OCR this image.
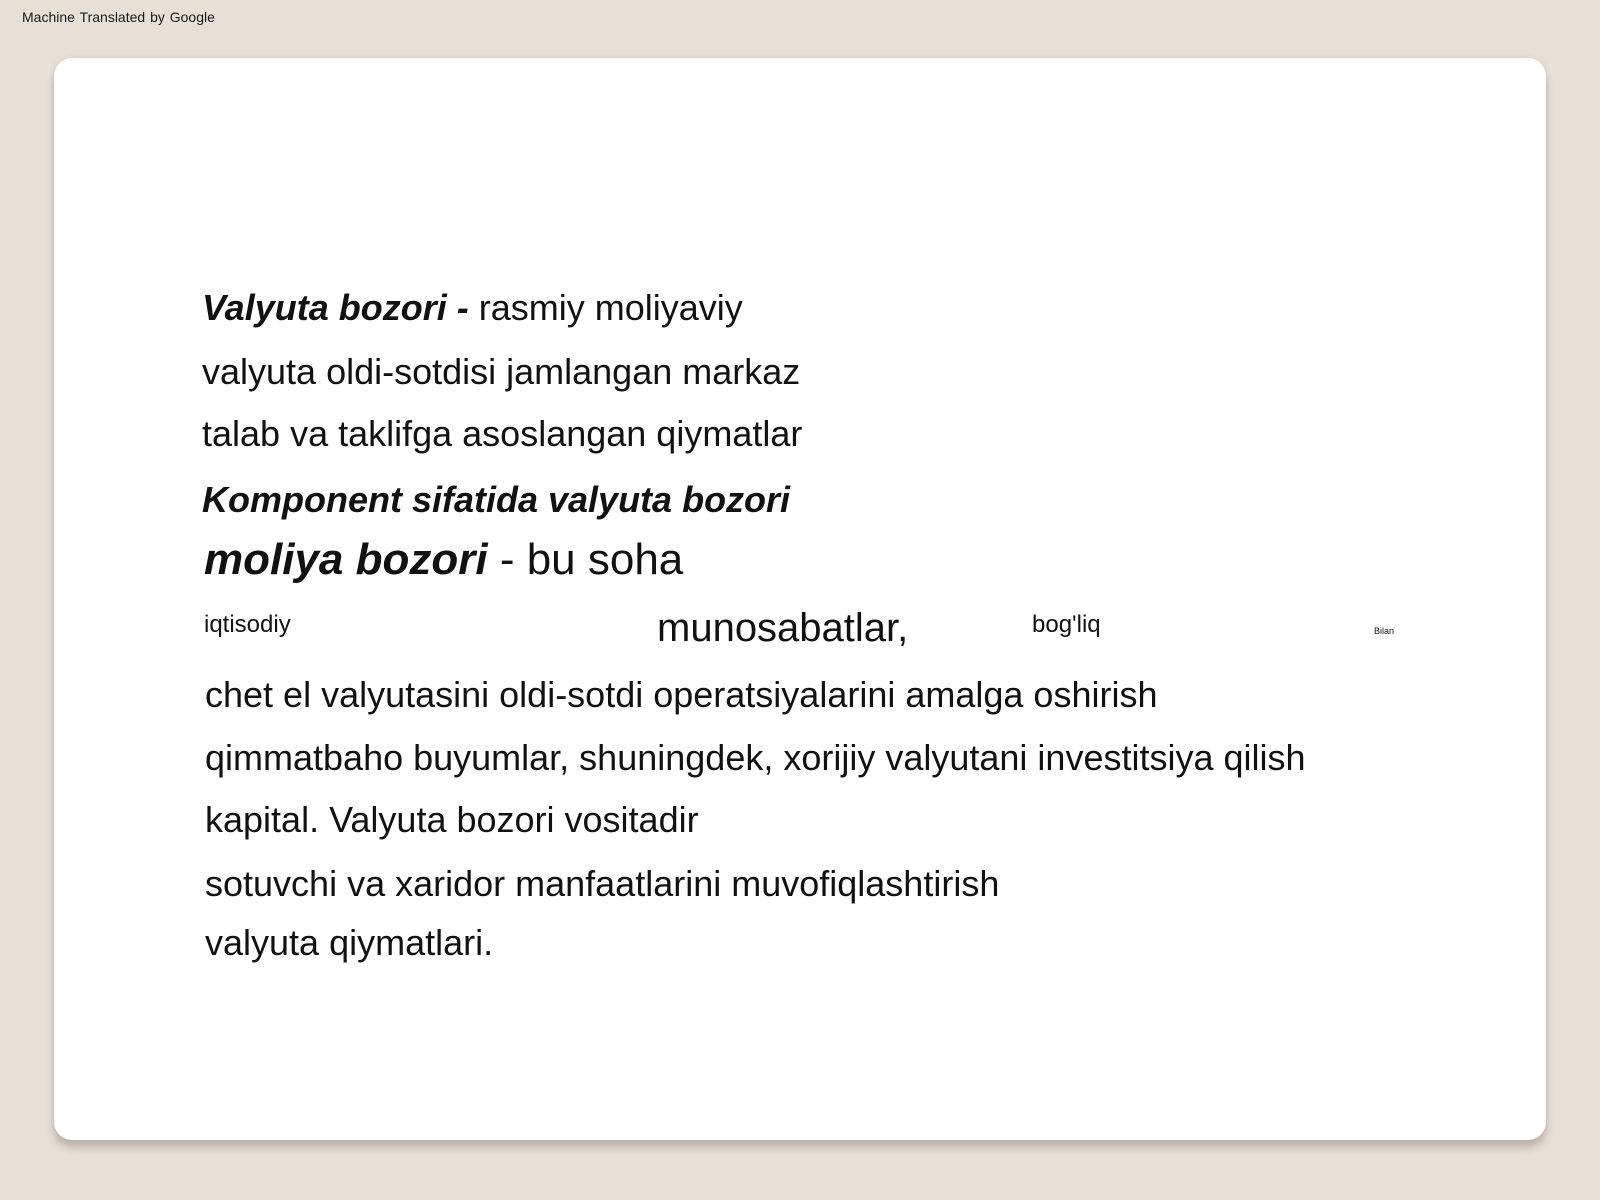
Machine Translated by Google
Valyuta bozori - rasmiy moliyaviy
valyuta oldi-sotdisi jamlangan markaz
talab va taklifga asoslangan qiymatlar
Komponent sifatida valyuta bozori
moliya bozori - bu soha
iqtisodiy	munosabatlar,	bog'liq	Bilan
chet el valyutasini oldi-sotdi operatsiyalarini amalga oshirish
qimmatbaho buyumlar, shuningdek, xorijiy valyutani investitsiya qilish
kapital. Valyuta bozori vositadir
sotuvchi va xaridor manfaatlarini muvofiqlashtirish
valyuta qiymatlari.
